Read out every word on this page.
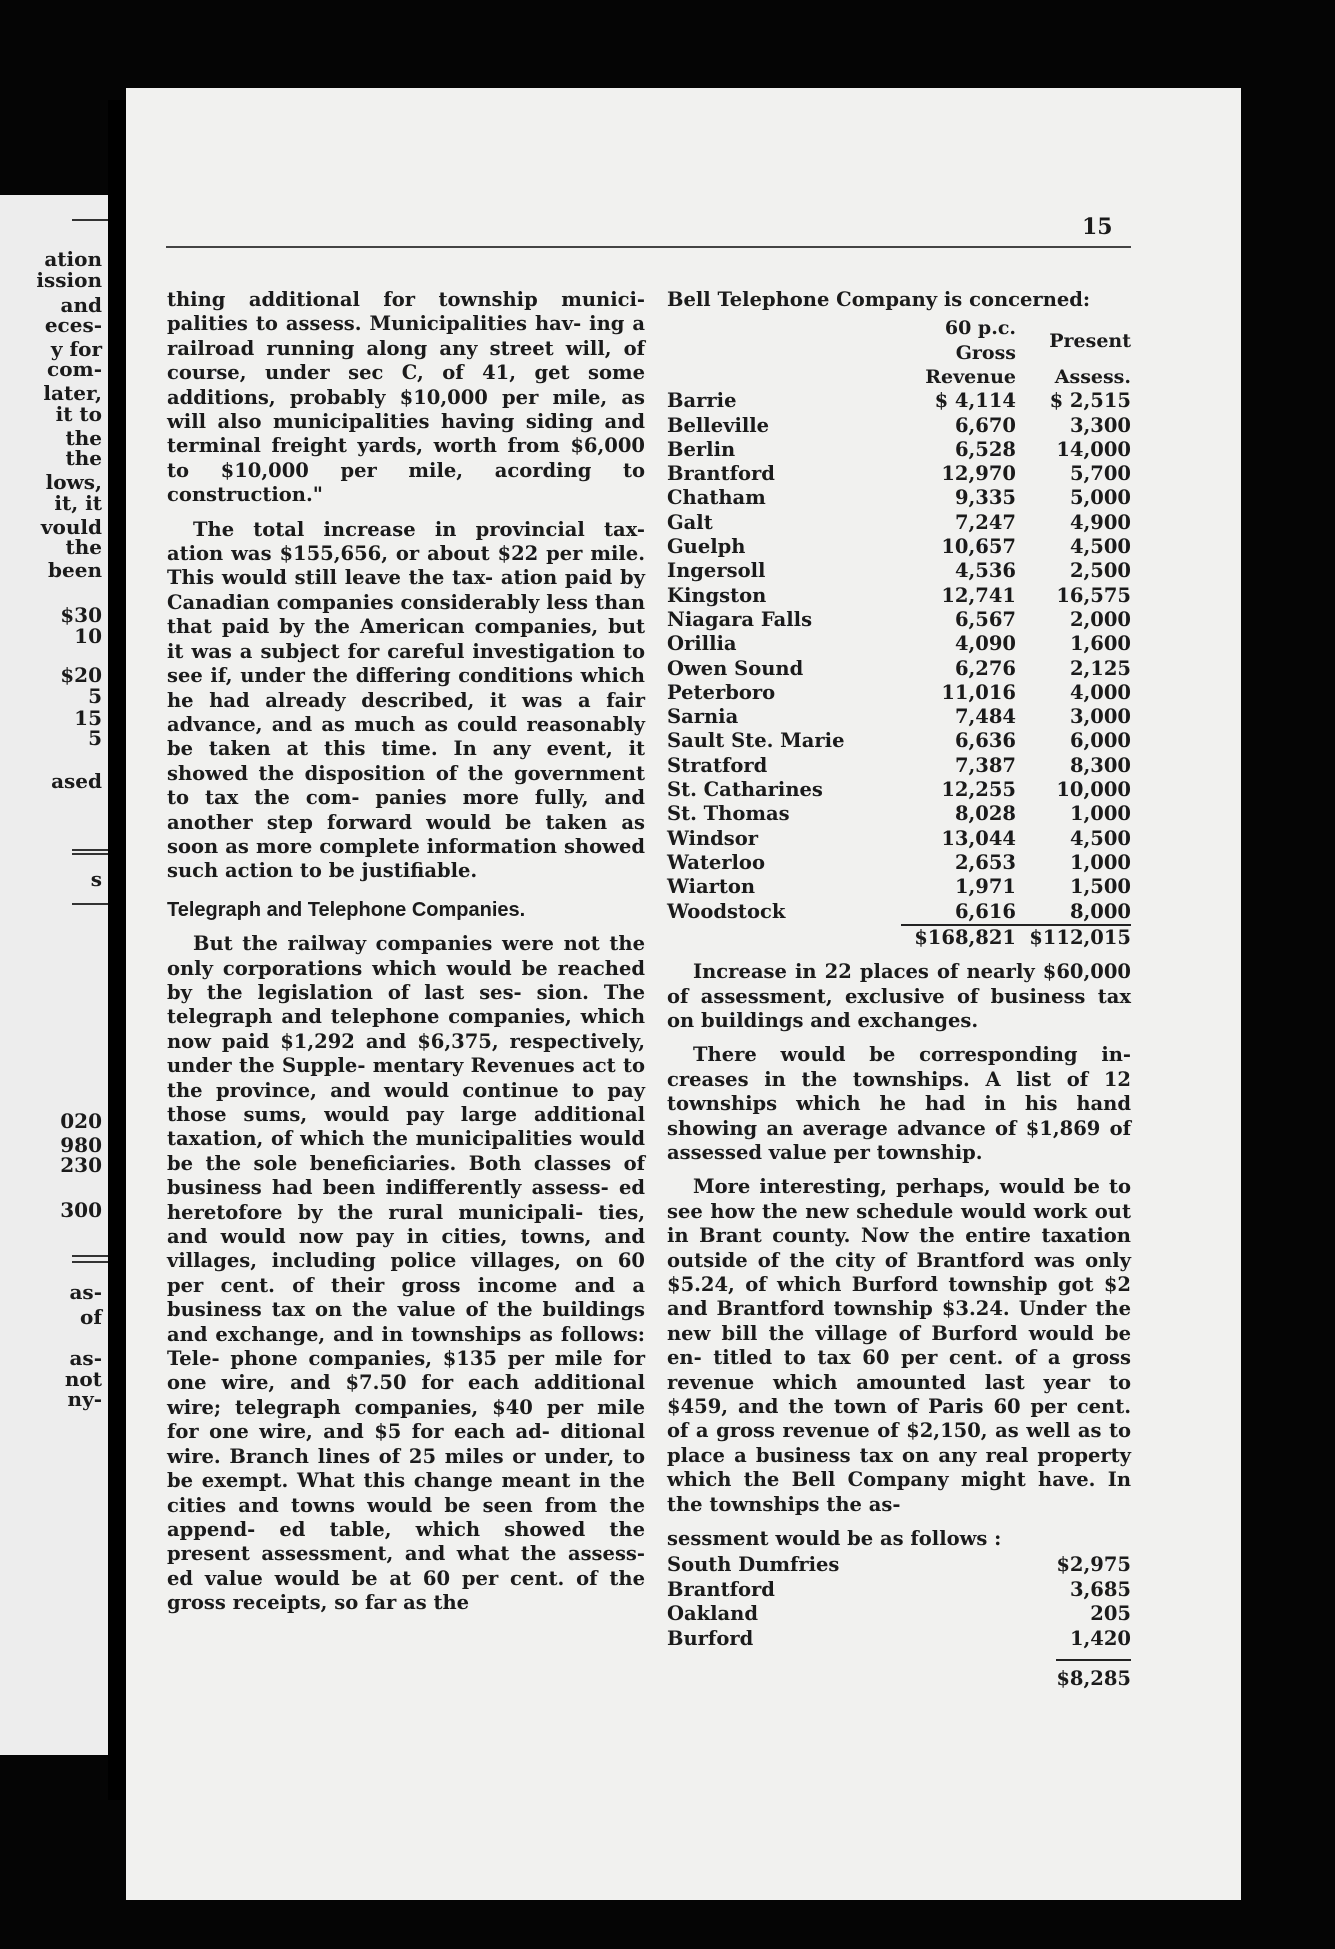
ation
ission
and
eces-
y for
com-
later,
it to
the
the
lows,
it, it
vould
the
been
$30
10
$20
5
15
5
ased
s
020
980
230
300
as-
of
as-
not
ny-
15

thing additional for township munici- palities to assess. Municipalities hav- ing a railroad running along any street will, of course, under sec C, of 41, get some additions, probably $10,000 per mile, as will also municipalities having siding and terminal freight yards, worth from $6,000 to $10,000 per mile, acording to construction."

The total increase in provincial tax- ation was $155,656, or about $22 per mile. This would still leave the tax- ation paid by Canadian companies considerably less than that paid by the American companies, but it was a subject for careful investigation to see if, under the differing conditions which he had already described, it was a fair advance, and as much as could reasonably be taken at this time. In any event, it showed the disposition of the government to tax the com- panies more fully, and another step forward would be taken as soon as more complete information showed such action to be justifiable.

Telegraph and Telephone Companies.

But the railway companies were not the only corporations which would be reached by the legislation of last ses- sion. The telegraph and telephone companies, which now paid $1,292 and $6,375, respectively, under the Supple- mentary Revenues act to the province, and would continue to pay those sums, would pay large additional taxation, of which the municipalities would be the sole beneficiaries. Both classes of business had been indifferently assess- ed heretofore by the rural municipali- ties, and would now pay in cities, towns, and villages, including police villages, on 60 per cent. of their gross income and a business tax on the value of the buildings and exchange, and in townships as follows: Tele- phone companies, $135 per mile for one wire, and $7.50 for each additional wire; telegraph companies, $40 per mile for one wire, and $5 for each ad- ditional wire. Branch lines of 25 miles or under, to be exempt. What this change meant in the cities and towns would be seen from the append- ed table, which showed the present assessment, and what the assess- ed value would be at 60 per cent. of the gross receipts, so far as the

Bell Telephone Company is concerned:

	60 p.c. Gross	Present
	Revenue	Assess.
Barrie	$ 4,114	$ 2,515
Belleville	6,670	3,300
Berlin	6,528	14,000
Brantford	12,970	5,700
Chatham	9,335	5,000
Galt	7,247	4,900
Guelph	10,657	4,500
Ingersoll	4,536	2,500
Kingston	12,741	16,575
Niagara Falls	6,567	2,000
Orillia	4,090	1,600
Owen Sound	6,276	2,125
Peterboro	11,016	4,000
Sarnia	7,484	3,000
Sault Ste. Marie	6,636	6,000
Stratford	7,387	8,300
St. Catharines	12,255	10,000
St. Thomas	8,028	1,000
Windsor	13,044	4,500
Waterloo	2,653	1,000
Wiarton	1,971	1,500
Woodstock	6,616	8,000

	$168,821	$112,015

Increase in 22 places of nearly $60,000 of assessment, exclusive of business tax on buildings and exchanges.

There would be corresponding in- creases in the townships. A list of 12 townships which he had in his hand showing an average advance of $1,869 of assessed value per township.

More interesting, perhaps, would be to see how the new schedule would work out in Brant county. Now the entire taxation outside of the city of Brantford was only $5.24, of which Burford township got $2 and Brantford township $3.24. Under the new bill the village of Burford would be en- titled to tax 60 per cent. of a gross revenue which amounted last year to $459, and the town of Paris 60 per cent. of a gross revenue of $2,150, as well as to place a business tax on any real property which the Bell Company might have. In the townships the as-

sessment would be as follows :

South Dumfries	$2,975
Brantford	3,685
Oakland	205
Burford	1,420

	$8,285
